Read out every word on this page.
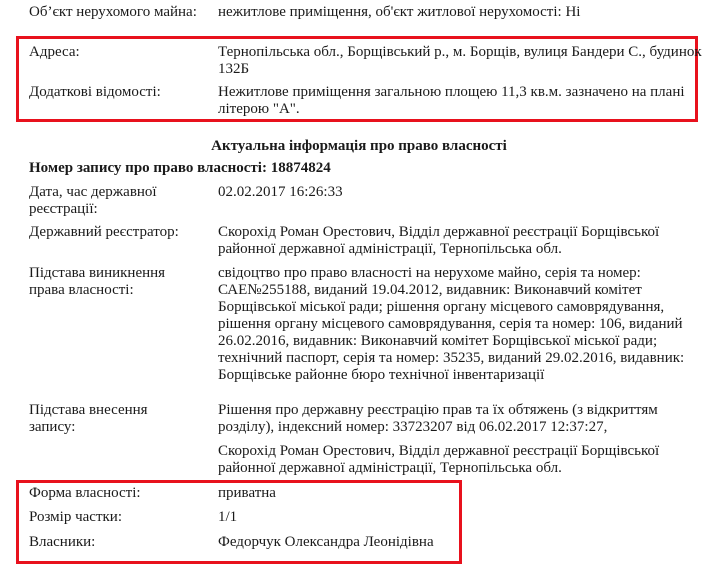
Об’єкт нерухомого майна:	нежитлове приміщення, об'єкт житлової нерухомості: Ні
Адреса:	Тернопільська обл., Борщівський р., м. Борщів, вулиця Бандери С., будинок 132Б
Додаткові відомості:	Нежитлове приміщення загальною площею 11,3 кв.м. зазначено на плані літерою "А".
Актуальна інформація про право власності
Номер запису про право власності: 18874824
Дата, час державної реєстрації:
02.02.2017 16:26:33
Державний реєстратор:	Скорохід Роман Орестович, Відділ державної реєстрації Борщівської районної державної адміністрації, Тернопільська обл.
Підстава виникнення права власності:
свідоцтво про право власності на нерухоме майно, серія та номер: САЕ№255188, виданий 19.04.2012, видавник: Виконавчий комітет Борщівської міської ради; рішення органу місцевого самоврядування, рішення органу місцевого самоврядування, серія та номер: 106, виданий 26.02.2016, видавник: Виконавчий комітет Борщівської міської ради; технічний паспорт, серія та номер: 35235, виданий 29.02.2016, видавник: Борщівське районне бюро технічної інвентаризації
Підстава внесення запису:
Рішення про державну реєстрацію прав та їх обтяжень (з відкриттям розділу), індексний номер: 33723207 від 06.02.2017 12:37:27,
Скорохід Роман Орестович, Відділ державної реєстрації Борщівської районної державної адміністрації, Тернопільська обл.
Форма власності:	приватна
Розмір частки:	1/1
Власники:	Федорчук Олександра Леонідівна
